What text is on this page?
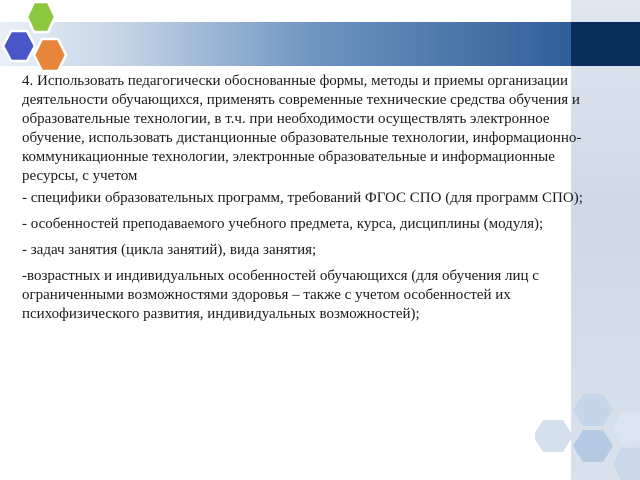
4. Использовать педагогически обоснованные формы, методы и приемы организации деятельности обучающихся, применять современные технические средства обучения и образовательные технологии, в т.ч. при необходимости осуществлять электронное обучение, использовать дистанционные образовательные технологии, информационно-коммуникационные технологии, электронные образовательные и информационные ресурсы, с учетом

- специфики образовательных программ, требований ФГОС СПО (для программ СПО);

- особенностей преподаваемого учебного предмета, курса, дисциплины (модуля);

- задач занятия (цикла занятий), вида занятия;

-возрастных и индивидуальных особенностей обучающихся (для обучения лиц с ограниченными возможностями здоровья – также с учетом особенностей их психофизического развития, индивидуальных возможностей);
